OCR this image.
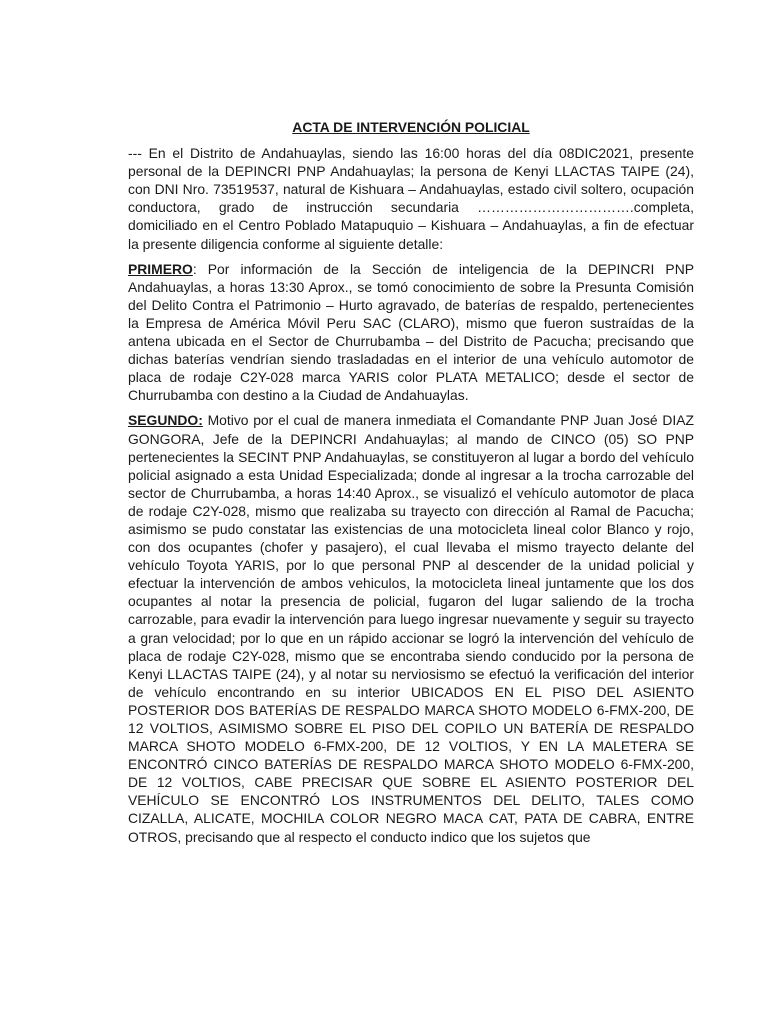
ACTA DE INTERVENCIÓN POLICIAL

--- En el Distrito de Andahuaylas, siendo las 16:00 horas del día 08DIC2021, presente personal de la DEPINCRI PNP Andahuaylas; la persona de Kenyi LLACTAS TAIPE (24), con DNI Nro. 73519537, natural de Kishuara – Andahuaylas, estado civil soltero, ocupación conductora, grado de instrucción secundaria …………………………….completa, domiciliado en el Centro Poblado Matapuquio – Kishuara – Andahuaylas, a fin de efectuar la presente diligencia conforme al siguiente detalle:

PRIMERO: Por información de la Sección de inteligencia de la DEPINCRI PNP Andahuaylas, a horas 13:30 Aprox., se tomó conocimiento de sobre la Presunta Comisión del Delito Contra el Patrimonio – Hurto agravado, de baterías de respaldo, pertenecientes la Empresa de América Móvil Peru SAC (CLARO), mismo que fueron sustraídas de la antena ubicada en el Sector de Churrubamba – del Distrito de Pacucha; precisando que dichas baterías vendrían siendo trasladadas en el interior de una vehículo automotor de placa de rodaje C2Y-028 marca YARIS color PLATA METALICO; desde el sector de Churrubamba con destino a la Ciudad de Andahuaylas.

SEGUNDO: Motivo por el cual de manera inmediata el Comandante PNP Juan José DIAZ GONGORA, Jefe de la DEPINCRI Andahuaylas; al mando de CINCO (05) SO PNP pertenecientes la SECINT PNP Andahuaylas, se constituyeron al lugar a bordo del vehículo policial asignado a esta Unidad Especializada; donde al ingresar a la trocha carrozable del sector de Churrubamba, a horas 14:40 Aprox., se visualizó el vehículo automotor de placa de rodaje C2Y-028, mismo que realizaba su trayecto con dirección al Ramal de Pacucha; asimismo se pudo constatar las existencias de una motocicleta lineal color Blanco y rojo, con dos ocupantes (chofer y pasajero), el cual llevaba el mismo trayecto delante del vehículo Toyota YARIS, por lo que personal PNP al descender de la unidad policial y efectuar la intervención de ambos vehiculos, la motocicleta lineal juntamente que los dos ocupantes al notar la presencia de policial, fugaron del lugar saliendo de la trocha carrozable, para evadir la intervención para luego ingresar nuevamente y seguir su trayecto a gran velocidad; por lo que en un rápido accionar se logró la intervención del vehículo de placa de rodaje C2Y-028, mismo que se encontraba siendo conducido por la persona de Kenyi LLACTAS TAIPE (24), y al notar su nerviosismo se efectuó la verificación del interior de vehículo encontrando en su interior UBICADOS EN EL PISO DEL ASIENTO POSTERIOR DOS BATERÍAS DE RESPALDO MARCA SHOTO MODELO 6-FMX-200, DE 12 VOLTIOS, ASIMISMO SOBRE EL PISO DEL COPILO UN BATERÍA DE RESPALDO MARCA SHOTO MODELO 6-FMX-200, DE 12 VOLTIOS, Y EN LA MALETERA SE ENCONTRÓ CINCO BATERÍAS DE RESPALDO MARCA SHOTO MODELO 6-FMX-200, DE 12 VOLTIOS, CABE PRECISAR QUE SOBRE EL ASIENTO POSTERIOR DEL VEHÍCULO SE ENCONTRÓ LOS INSTRUMENTOS DEL DELITO, TALES COMO CIZALLA, ALICATE, MOCHILA COLOR NEGRO MACA CAT, PATA DE CABRA, ENTRE OTROS, precisando que al respecto el conducto indico que los sujetos que
